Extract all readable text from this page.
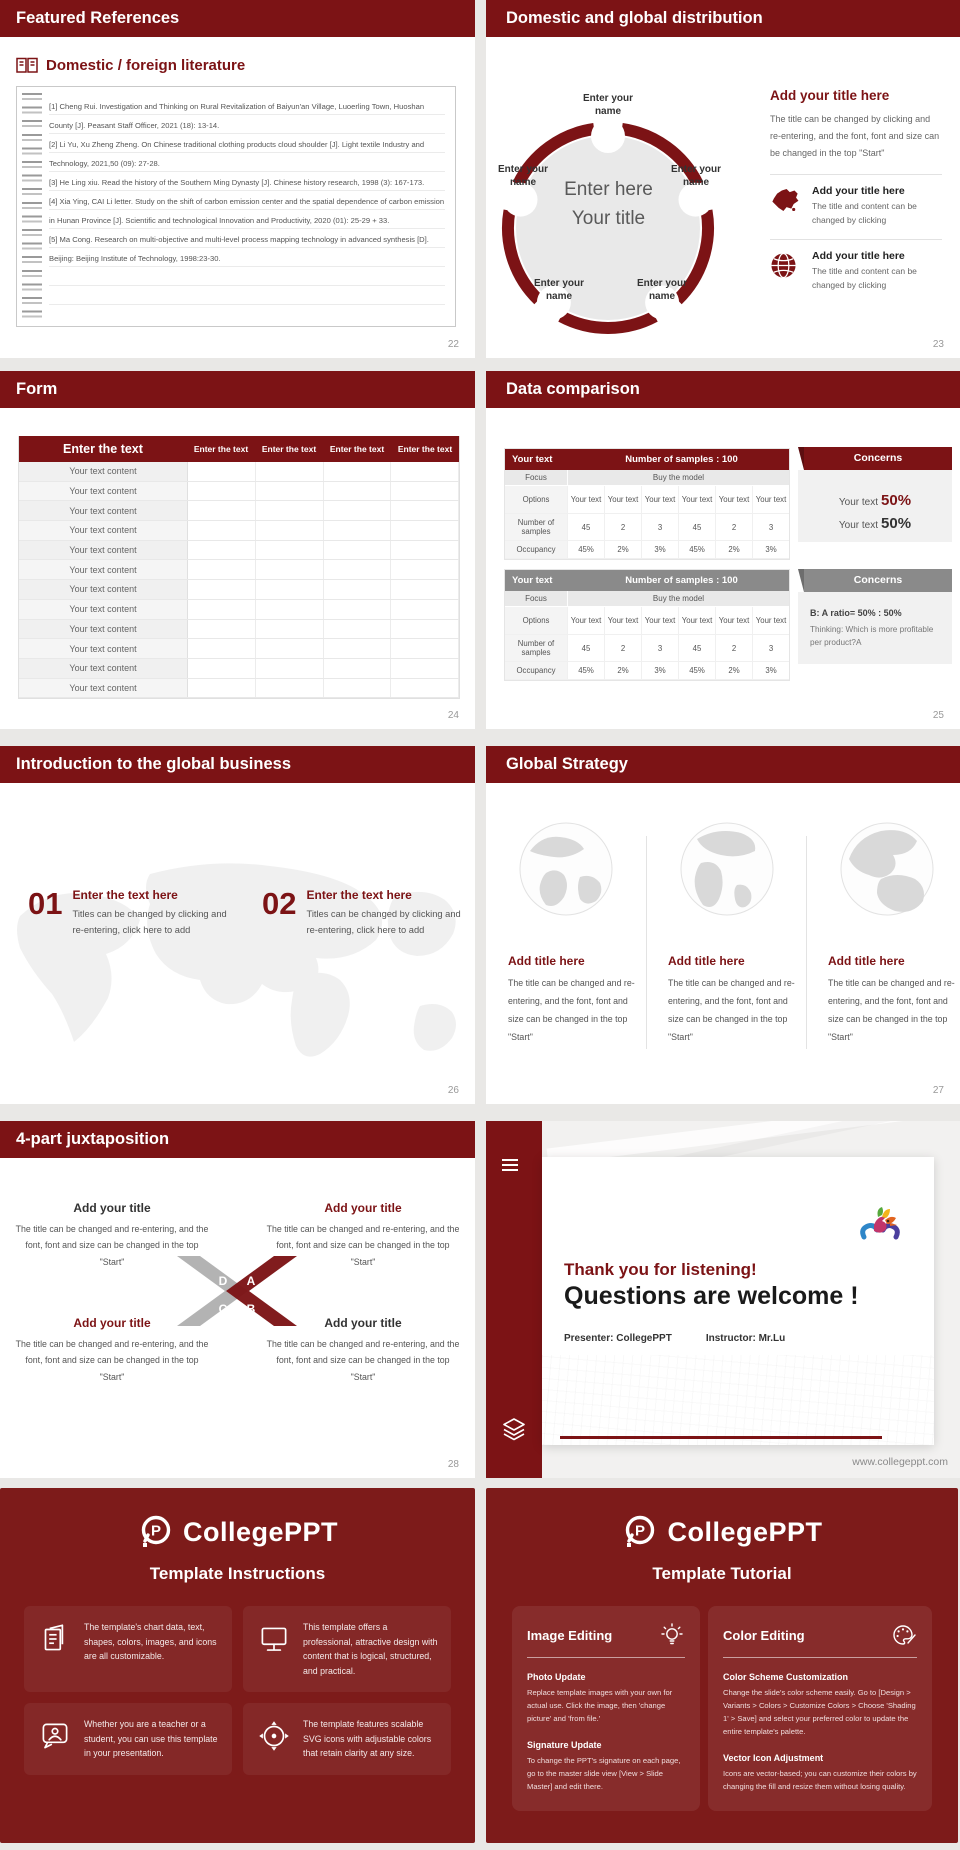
Featured References
Domestic / foreign literature

[1] Cheng Rui. Investigation and Thinking on Rural Revitalization of Baiyun'an Village, Luoerling Town, Huoshan County [J]. Peasant Staff Officer, 2021 (18): 13-14.

[2] Li Yu, Xu Zheng Zheng. On Chinese traditional clothing products cloud shoulder [J]. Light textile Industry and Technology, 2021,50 (09): 27-28.

[3] He Ling xiu. Read the history of the Southern Ming Dynasty [J]. Chinese history research, 1998 (3): 167-173.

[4] Xia Ying, CAI Li letter. Study on the shift of carbon emission center and the spatial dependence of carbon emission in Hunan Province [J]. Scientific and technological Innovation and Productivity, 2020 (01): 25-29 + 33.

[5] Ma Cong. Research on multi-objective and multi-level process mapping technology in advanced synthesis [D]. Beijing: Beijing Institute of Technology, 1998:23-30.

22
Domestic and global distribution
Enter here
Your title
Enter your name
Enter your name
Enter your name
Enter your name
Enter your name
Add your title here
The title can be changed by clicking and re-entering, and the font, font and size can be changed in the top "Start"
Add your title here
The title and content can be changed by clicking
Add your title here
The title and content can be changed by clicking
23
Form
Enter the text	Enter the text	Enter the text	Enter the text	Enter the text
Your text content
Your text content
Your text content
Your text content
Your text content
Your text content
Your text content
Your text content
Your text content
Your text content
Your text content
Your text content
24
Data comparison
Your text	Number of samples : 100
Focus	Buy the model
Options	Your text Your text Your text Your text Your text Your text
Number of samples	45	2	3	45	2	3
Occupancy	45%	2%	3%	45%	2%	3%
Your text	Number of samples : 100
Focus	Buy the model
Options	Your text Your text Your text Your text Your text Your text
Number of samples	45	2	3	45	2	3
Occupancy	45%	2%	3%	45%	2%	3%
Concerns
Your text 50%
Your text 50%
Concerns
B: A ratio= 50% : 50%
Thinking: Which is more profitable per product?A
25
Introduction to the global business
01 Enter the text here
Titles can be changed by clicking and re-entering, click here to add
02 Enter the text here
Titles can be changed by clicking and re-entering, click here to add
26
Global Strategy
Add title here
The title can be changed and re-entering, and the font, font and size can be changed in the top "Start"
Add title here
The title can be changed and re-entering, and the font, font and size can be changed in the top "Start"
Add title here
The title can be changed and re-entering, and the font, font and size can be changed in the top "Start"
27
4-part juxtaposition
Add your title
The title can be changed and re-entering, and the font, font and size can be changed in the top "Start"
Add your title
The title can be changed and re-entering, and the font, font and size can be changed in the top "Start"
Add your title
The title can be changed and re-entering, and the font, font and size can be changed in the top "Start"
Add your title
The title can be changed and re-entering, and the font, font and size can be changed in the top "Start"
D A
C B
28
Thank you for listening!
Questions are welcome !
Presenter: CollegePPT	Instructor: Mr.Lu
www.collegeppt.com
P CollegePPT
Template Instructions
The template's chart data, text, shapes, colors, images, and icons are all customizable.
This template offers a professional, attractive design with content that is logical, structured, and practical.
Whether you are a teacher or a student, you can use this template in your presentation.
The template features scalable SVG icons with adjustable colors that retain clarity at any size.
P CollegePPT
Template Tutorial
Image Editing
Photo Update
Replace template images with your own for actual use. Click the image, then 'change picture' and 'from file.'
Signature Update
To change the PPT's signature on each page, go to the master slide view [View > Slide Master] and edit there.
Color Editing
Color Scheme Customization
Change the slide's color scheme easily. Go to [Design > Variants > Colors > Customize Colors > Choose 'Shading 1' > Save] and select your preferred color to update the entire template's palette.
Vector Icon Adjustment
Icons are vector-based; you can customize their colors by changing the fill and resize them without losing quality.
